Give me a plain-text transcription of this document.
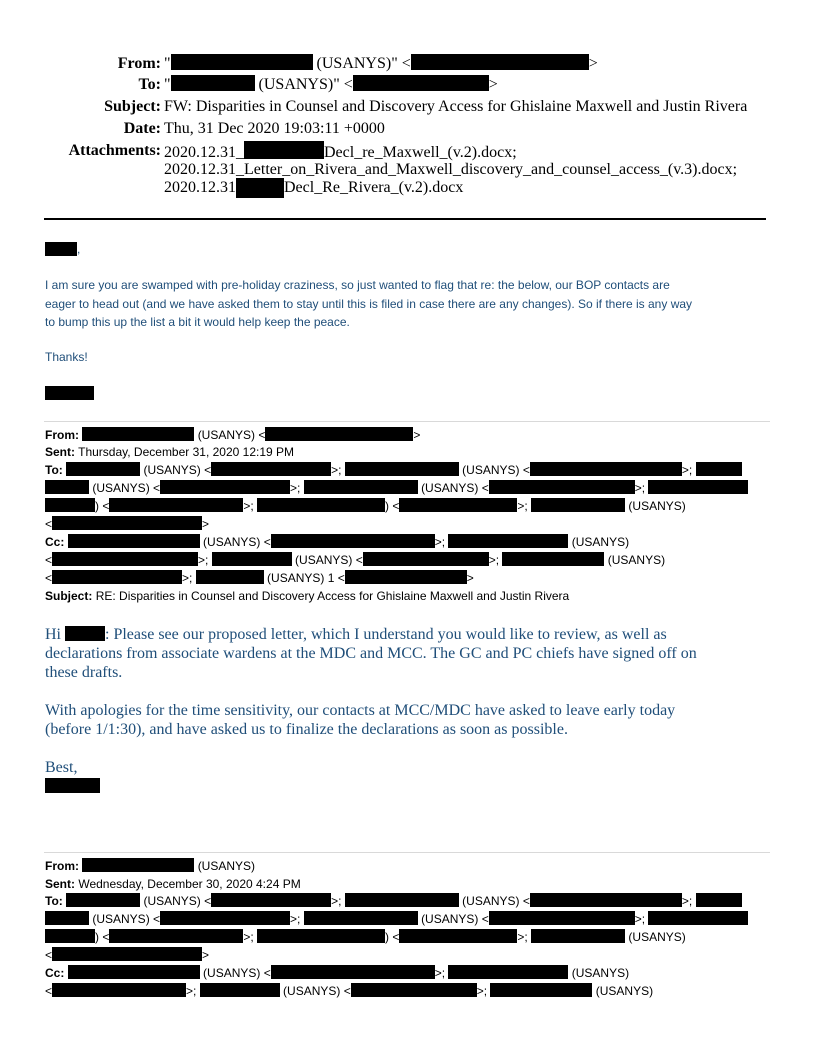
From: "	(USANYS)" <	>
To: "	(USANYS)" <	>
Subject: FW: Disparities in Counsel and Discovery Access for Ghislaine Maxwell and Justin Rivera
Date: Thu, 31 Dec 2020 19:03:11 +0000
Attachments: 2020.12.31_	Decl_re_Maxwell_(v.2).docx;
2020.12.31_Letter_on_Rivera_and_Maxwell_discovery_and_counsel_access_(v.3).docx;
2020.12.31	Decl_Re_Rivera_(v.2).docx
,
I am sure you are swamped with pre-holiday craziness, so just wanted to flag that re: the below, our BOP contacts are
eager to head out (and we have asked them to stay until this is filed in case there are any changes). So if there is any way
to bump this up the list a bit it would help keep the peace.
Thanks!
From:	(USANYS) <	>
Sent: Thursday, December 31, 2020 12:19 PM
To:	(USANYS) <	>;	(USANYS) <	>;
(USANYS) <	>;	(USANYS) <	>;
) <	>;	) <	>;	(USANYS)
<	>
Cc:	(USANYS) <	>;	(USANYS)
<	>;	(USANYS) <	>;	(USANYS)
<	>;	(USANYS) 1 <	>
Subject: RE: Disparities in Counsel and Discovery Access for Ghislaine Maxwell and Justin Rivera
Hi	: Please see our proposed letter, which I understand you would like to review, as well as
declarations from associate wardens at the MDC and MCC. The GC and PC chiefs have signed off on
these drafts.
With apologies for the time sensitivity, our contacts at MCC/MDC have asked to leave early today
(before 1/1:30), and have asked us to finalize the declarations as soon as possible.
Best,
From:	(USANYS)
Sent: Wednesday, December 30, 2020 4:24 PM
To:	(USANYS) <	>;	(USANYS) <	>;
(USANYS) <	>;	(USANYS) <	>;
) <	>;	) <	>;	(USANYS)
<	>
Cc:	(USANYS) <	>;	(USANYS)
<	>;	(USANYS) <	>;	(USANYS)
